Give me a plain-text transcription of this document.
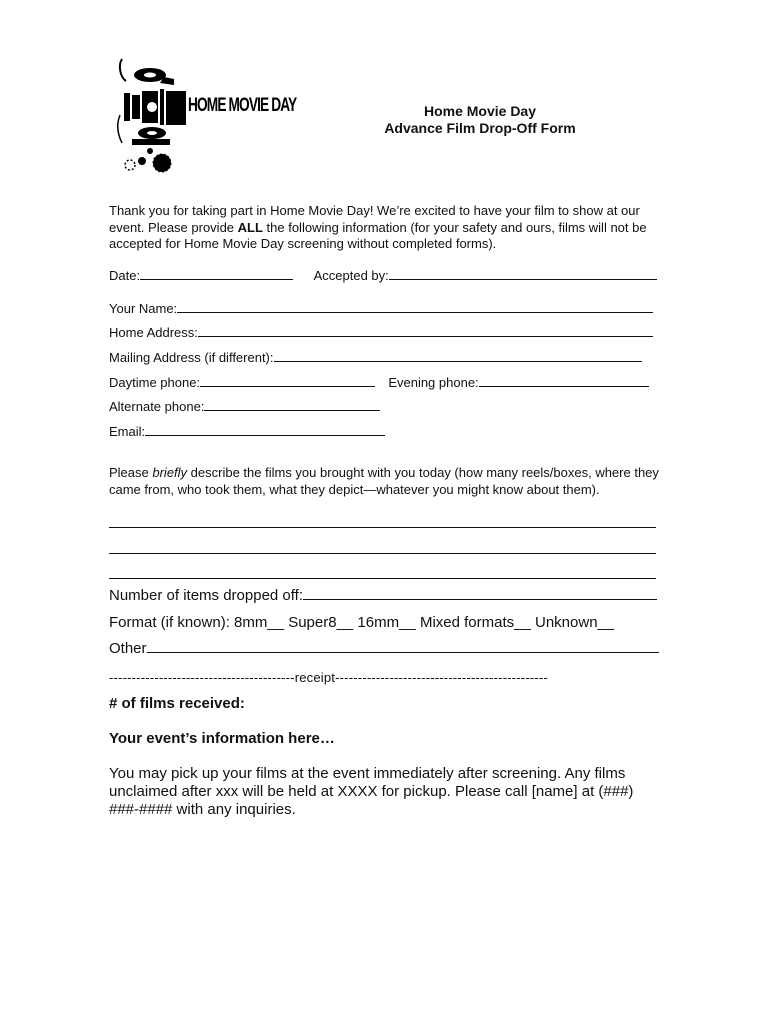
HOME MOVIE DAY	Home Movie Day
Advance Film Drop-Off Form
Thank you for taking part in Home Movie Day! We’re excited to have your film to show at our event. Please provide ALL the following information (for your safety and ours, films will not be accepted for Home Movie Day screening without completed forms).
Date:	Accepted by:
Your Name:
Home Address:
Mailing Address (if different):
Daytime phone:	Evening phone:
Alternate phone:
Email:
Please briefly describe the films you brought with you today (how many reels/boxes, where they came from, who took them, what they depict—whatever you might know about them).
Number of items dropped off:
Format (if known): 8mm__ Super8__ 16mm__ Mixed formats__ Unknown__
Other
-----------------------------------------receipt-----------------------------------------------
# of films received:
Your event’s information here…
You may pick up your films at the event immediately after screening. Any films unclaimed after xxx will be held at XXXX for pickup. Please call [name] at (###) ###-#### with any inquiries.
